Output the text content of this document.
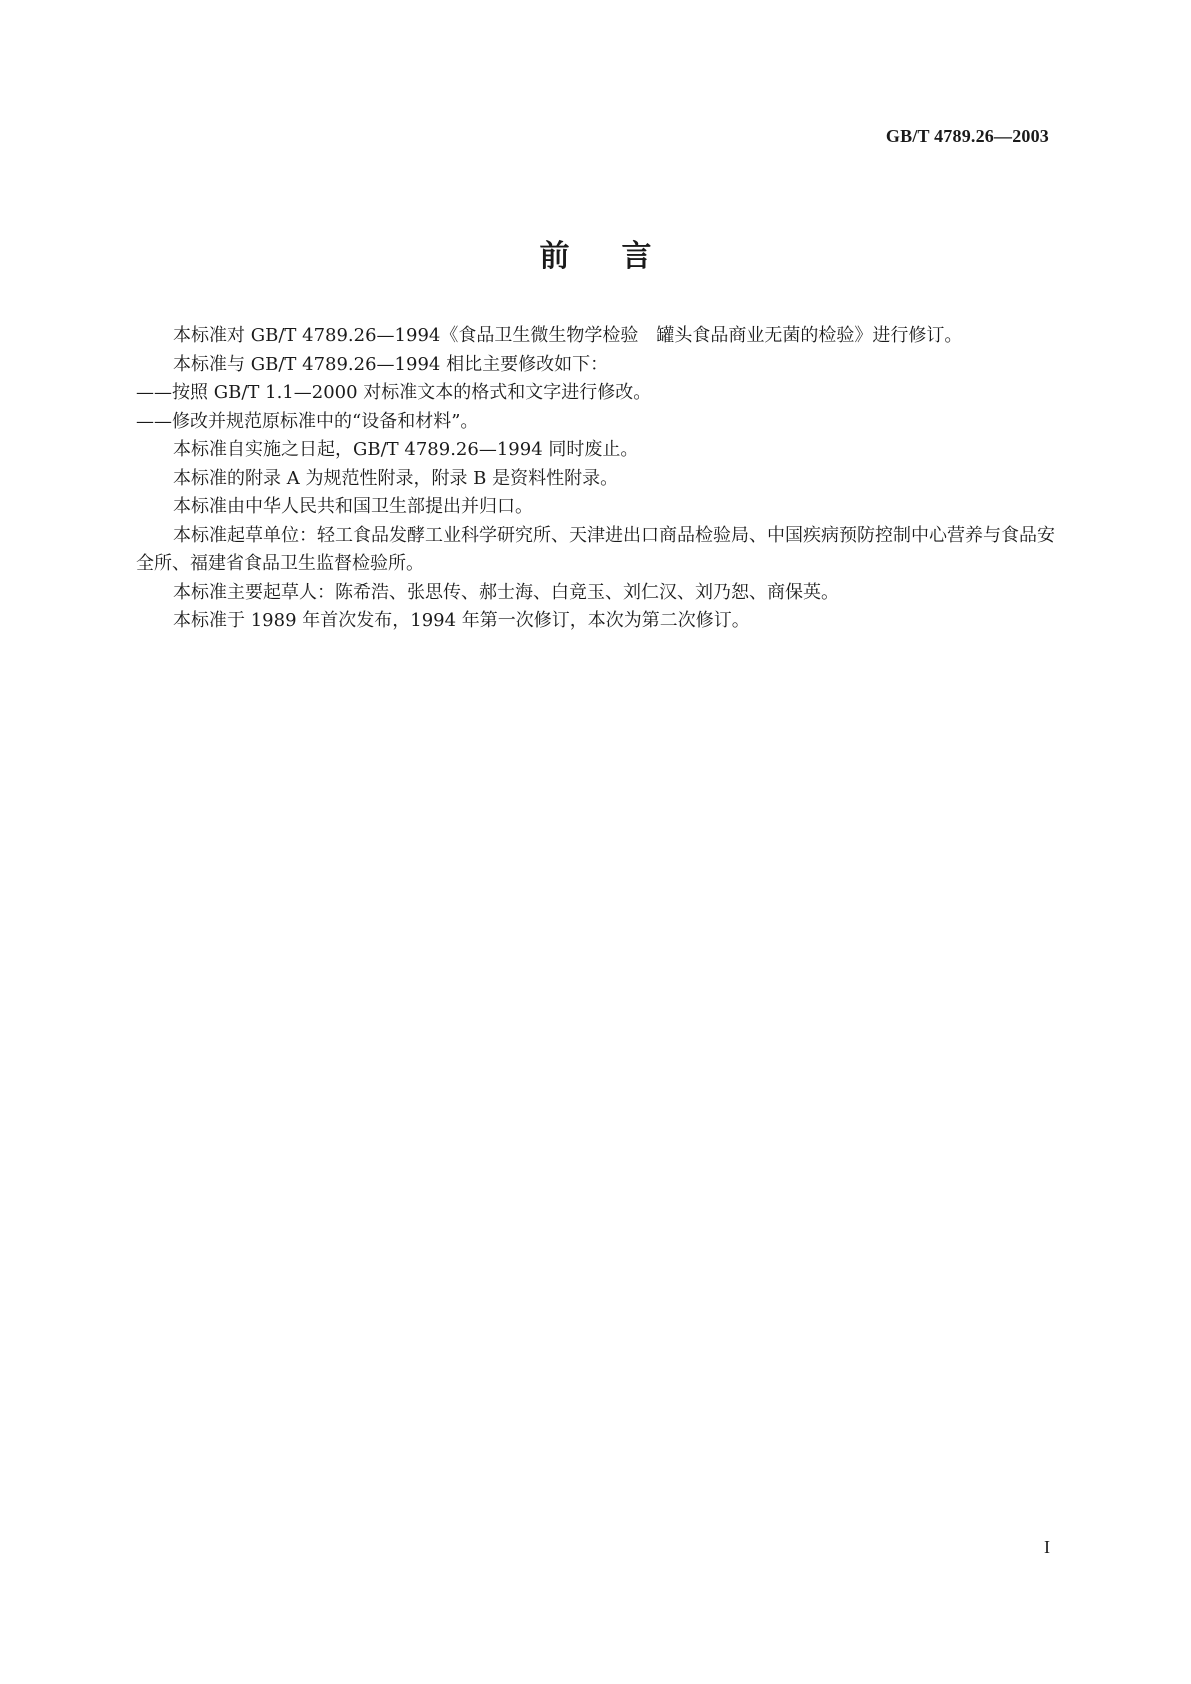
GB/T 4789.26—2003
前言

本标准对 GB/T 4789.26—1994《食品卫生微生物学检验　罐头食品商业无菌的检验》进行修订。

本标准与 GB/T 4789.26—1994 相比主要修改如下：

——按照 GB/T 1.1—2000 对标准文本的格式和文字进行修改。

——修改并规范原标准中的“设备和材料”。

本标准自实施之日起，GB/T 4789.26—1994 同时废止。

本标准的附录 A 为规范性附录，附录 B 是资料性附录。

本标准由中华人民共和国卫生部提出并归口。

本标准起草单位：轻工食品发酵工业科学研究所、天津进出口商品检验局、中国疾病预防控制中心营养与食品安全所、福建省食品卫生监督检验所。

本标准主要起草人：陈希浩、张思传、郝士海、白竟玉、刘仁汉、刘乃恕、商保英。

本标准于 1989 年首次发布，1994 年第一次修订，本次为第二次修订。

I
